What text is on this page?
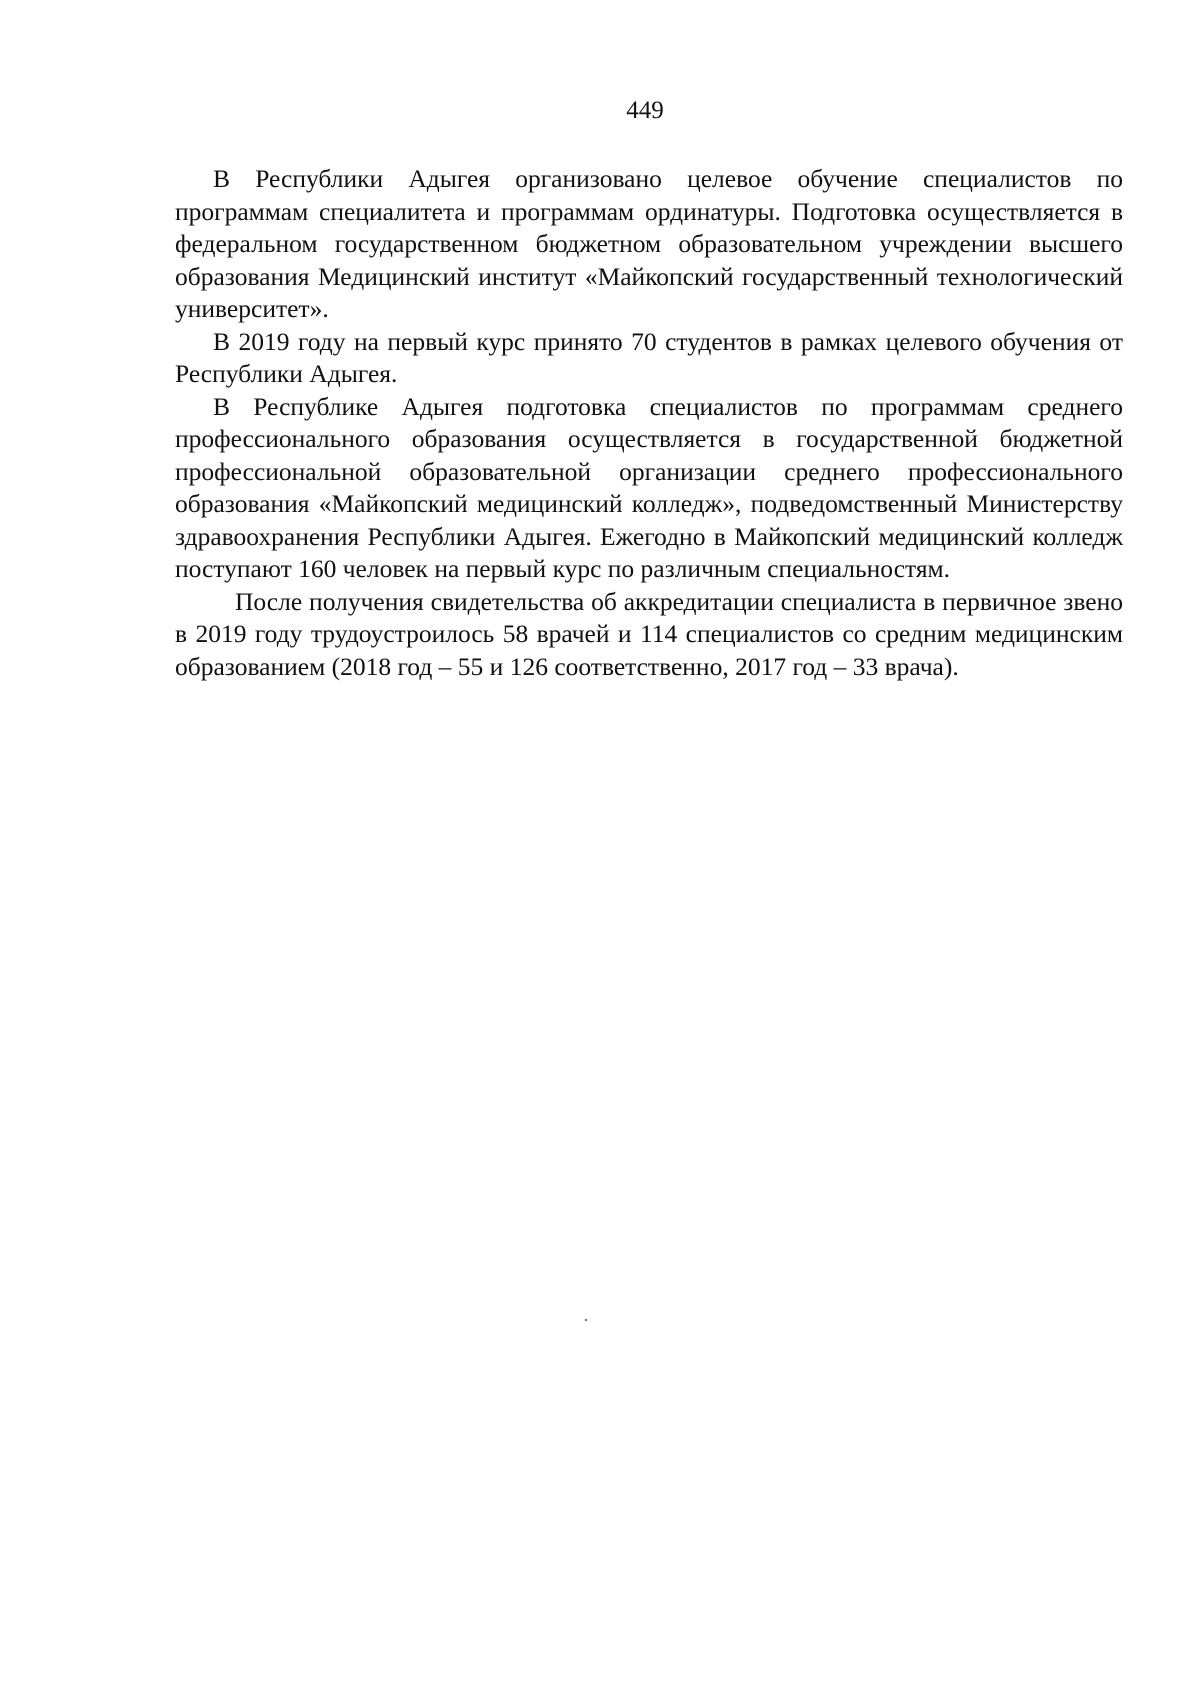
449

В Республики Адыгея организовано целевое обучение специалистов по программам специалитета и программам ординатуры. Подготовка осуществляется в федеральном государственном бюджетном образовательном учреждении высшего образования Медицинский институт «Майкопский государственный технологический университет».

В 2019 году на первый курс принято 70 студентов в рамках целевого обучения от Республики Адыгея.

В Республике Адыгея подготовка специалистов по программам среднего профессионального образования осуществляется в государственной бюджетной профессиональной образовательной организации среднего профессионального образования «Майкопский медицинский колледж», подведомственный Министерству здравоохранения Республики Адыгея. Ежегодно в Майкопский медицинский колледж поступают 160 человек на первый курс по различным специальностям.

После получения свидетельства об аккредитации специалиста в первичное звено в 2019 году трудоустроилось 58 врачей и 114 специалистов со средним медицинским образованием (2018 год – 55 и 126 соответственно, 2017 год – 33 врача).
